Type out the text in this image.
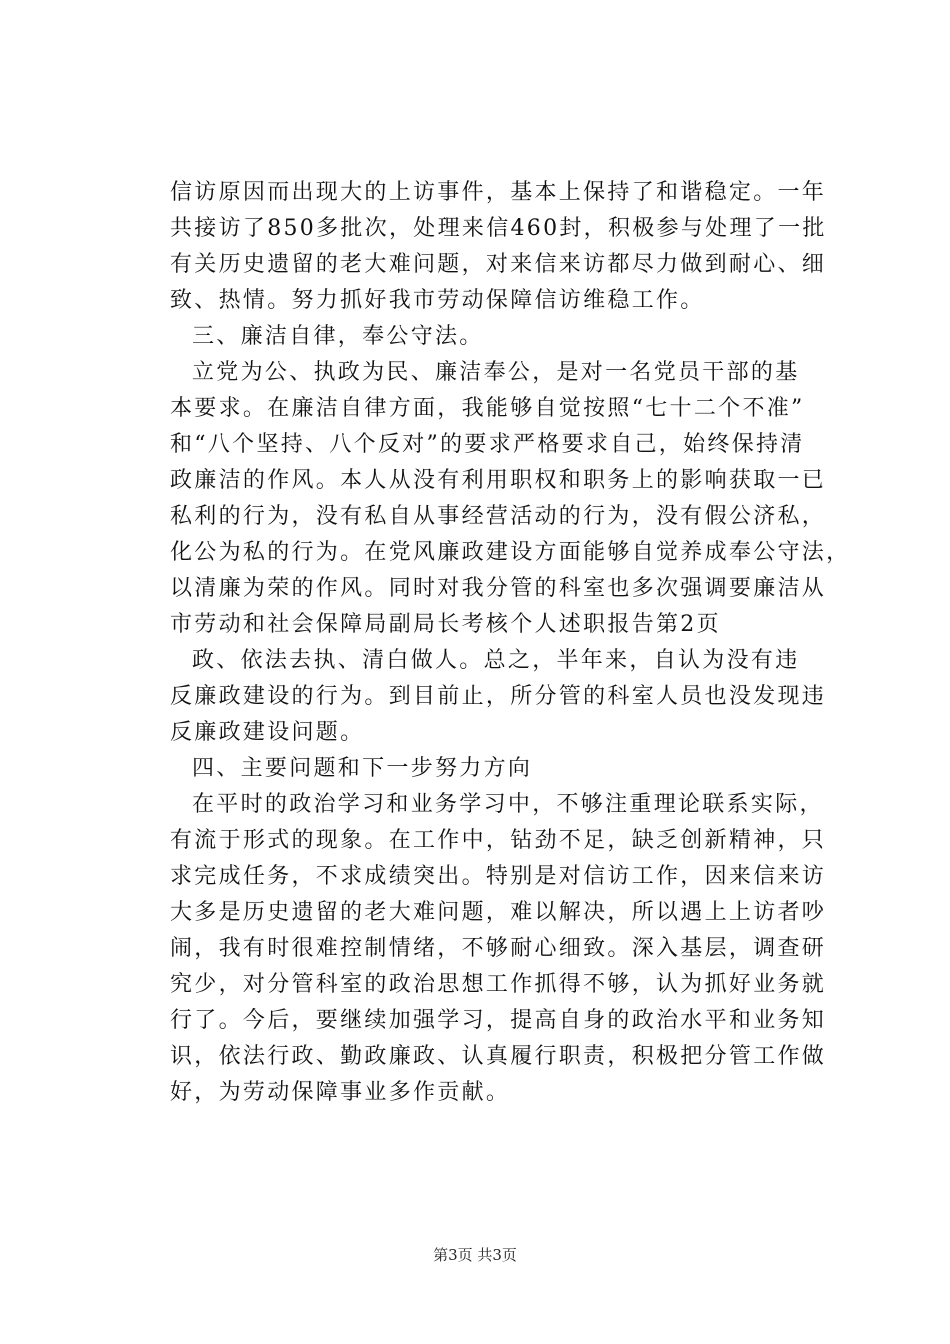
信访原因而出现大的上访事件，基本上保持了和谐稳定。一年
共接访了850多批次，处理来信460封，积极参与处理了一批
有关历史遗留的老大难问题，对来信来访都尽力做到耐心、细
致、热情。努力抓好我市劳动保障信访维稳工作。
三、廉洁自律，奉公守法。
立党为公、执政为民、廉洁奉公，是对一名党员干部的基
本要求。在廉洁自律方面，我能够自觉按照“七十二个不准”
和“八个坚持、八个反对”的要求严格要求自己，始终保持清
政廉洁的作风。本人从没有利用职权和职务上的影响获取一已
私利的行为，没有私自从事经营活动的行为，没有假公济私，
化公为私的行为。在党风廉政建设方面能够自觉养成奉公守法，
以清廉为荣的作风。同时对我分管的科室也多次强调要廉洁从
市劳动和社会保障局副局长考核个人述职报告第2页
政、依法去执、清白做人。总之，半年来，自认为没有违
反廉政建设的行为。到目前止，所分管的科室人员也没发现违
反廉政建设问题。
四、主要问题和下一步努力方向
在平时的政治学习和业务学习中，不够注重理论联系实际，
有流于形式的现象。在工作中，钻劲不足，缺乏创新精神，只
求完成任务，不求成绩突出。特别是对信访工作，因来信来访
大多是历史遗留的老大难问题，难以解决，所以遇上上访者吵
闹，我有时很难控制情绪，不够耐心细致。深入基层，调查研
究少，对分管科室的政治思想工作抓得不够，认为抓好业务就
行了。今后，要继续加强学习，提高自身的政治水平和业务知
识，依法行政、勤政廉政、认真履行职责，积极把分管工作做
好，为劳动保障事业多作贡献。
第3页 共3页
